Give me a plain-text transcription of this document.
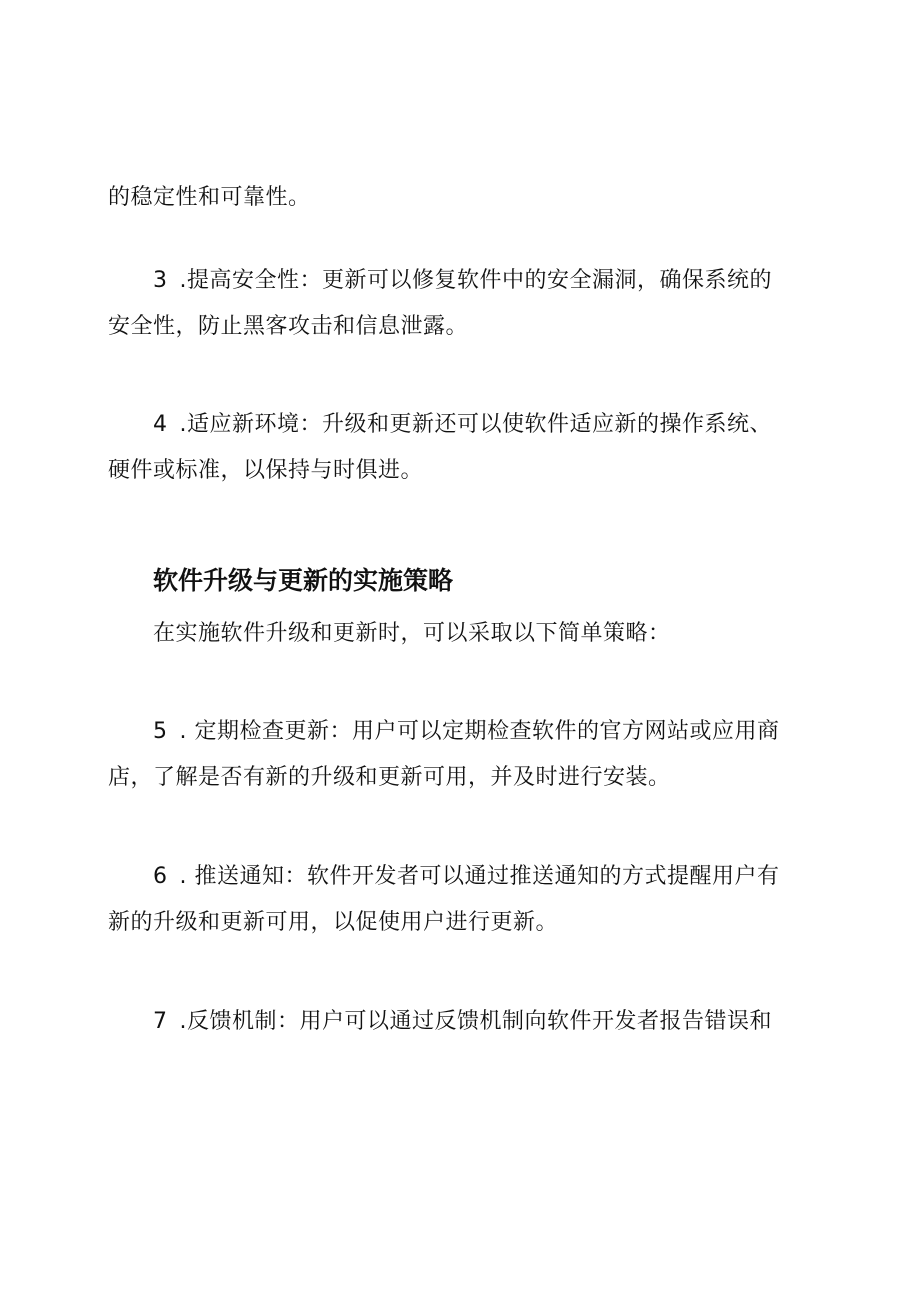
的稳定性和可靠性。
3 .提高安全性：更新可以修复软件中的安全漏洞，确保系统的
安全性，防止黑客攻击和信息泄露。
4 .适应新环境：升级和更新还可以使软件适应新的操作系统、
硬件或标准，以保持与时俱进。
软件升级与更新的实施策略
在实施软件升级和更新时，可以采取以下简单策略：
5 . 定期检查更新：用户可以定期检查软件的官方网站或应用商
店，了解是否有新的升级和更新可用，并及时进行安装。
6 . 推送通知：软件开发者可以通过推送通知的方式提醒用户有
新的升级和更新可用，以促使用户进行更新。
7 .反馈机制：用户可以通过反馈机制向软件开发者报告错误和
